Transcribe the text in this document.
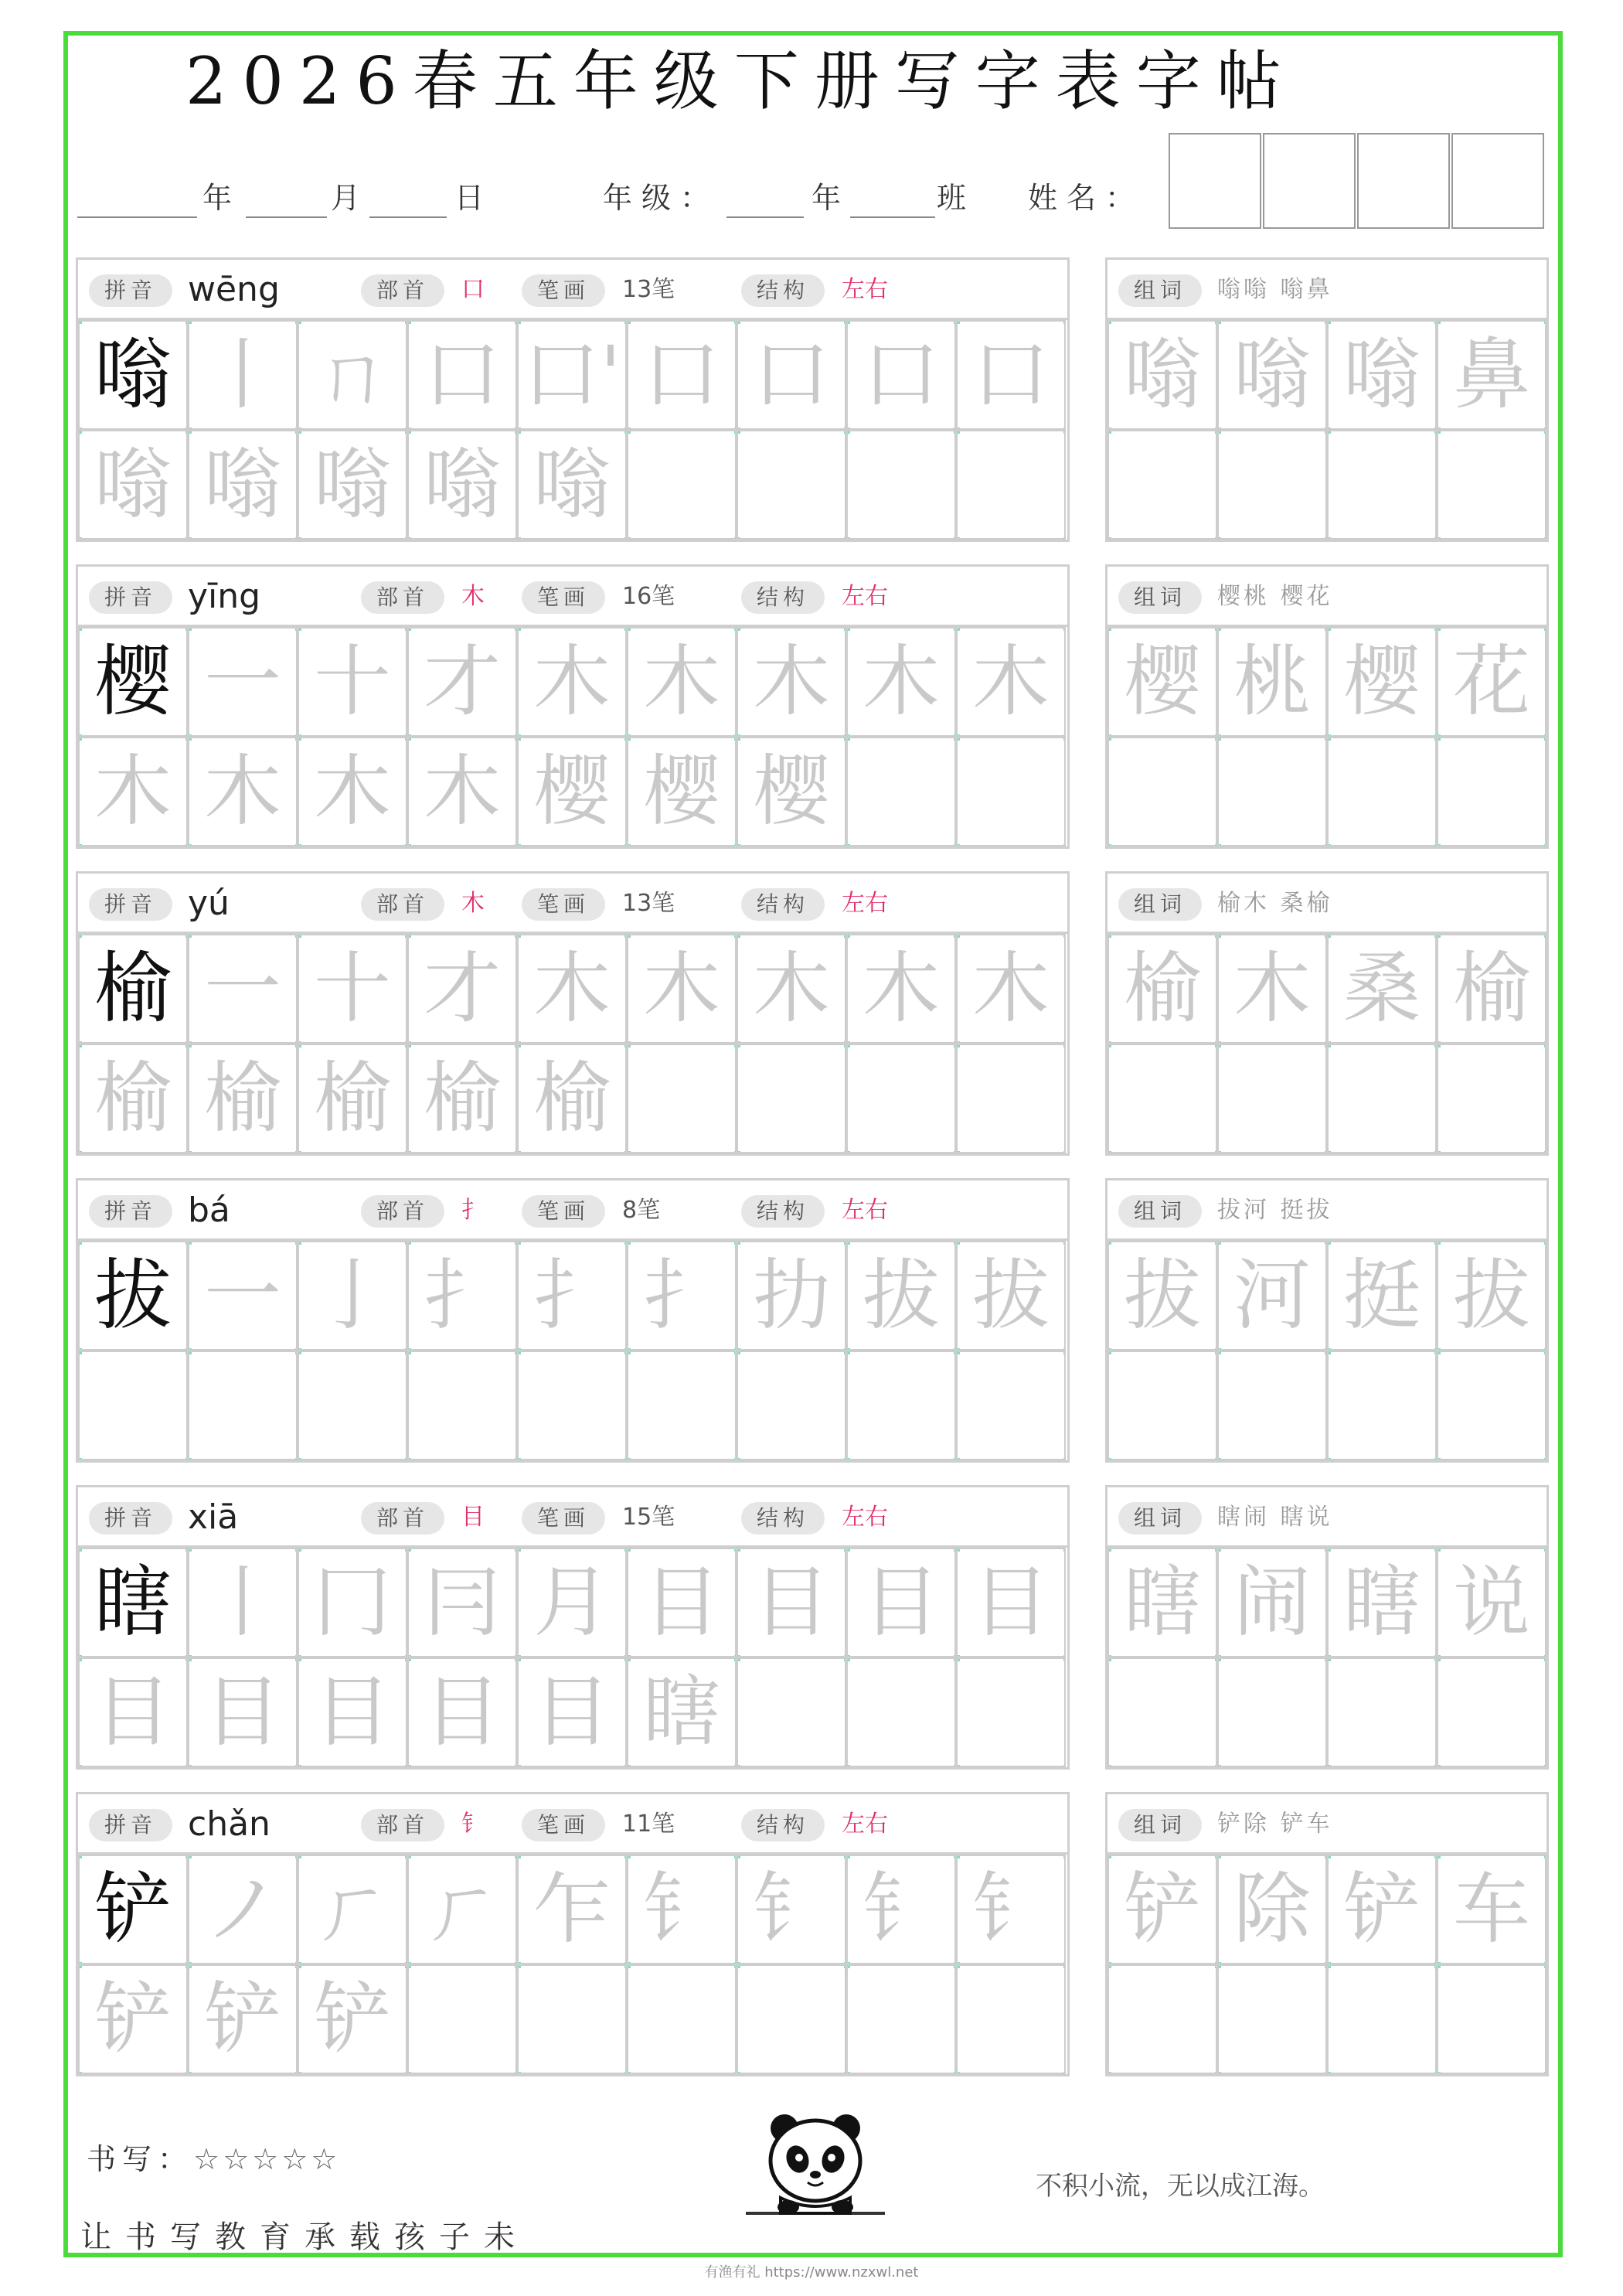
2026春五年级下册写字表字帖
年	月	日	年级：	年	班 姓名：
拼音 wēng	部首	口	笔画	13笔	结构	左右
嗡 丨 ㄇ 口 口' 口 口 口 口
嗡 嗡 嗡 嗡 嗡
组词	嗡嗡 嗡鼻
嗡 嗡 嗡 鼻
拼音 yīng	部首	木	笔画	16笔	结构	左右
樱 一 十 才 木 木 木 木 木
木 木 木 木 樱 樱 樱
组词	樱桃 樱花
樱 桃 樱 花
拼音 yú	部首	木	笔画	13笔	结构	左右
榆 一 十 才 木 木 木 木 木
榆 榆 榆 榆 榆
组词	榆木 桑榆
榆 木 桑 榆
拼音 bá	部首	扌	笔画	8笔	结构	左右
拔 一 亅 扌 扌 扌 扐 拔 拔
组词	拔河 挺拔
拔 河 挺 拔
拼音 xiā	部首	目	笔画	15笔	结构	左右
瞎 丨 冂 冃 月 目 目 目 目
目 目 目 目 目 瞎
组词	瞎闹 瞎说
瞎 闹 瞎 说
拼音 chǎn	部首	钅	笔画	11笔	结构	左右
铲 ノ ㄏ ㄏ 乍 钅 钅 钅 钅
铲 铲 铲
组词	铲除 铲车
铲 除 铲 车
书写：☆☆☆☆☆
让书写教育承载孩子未
不积小流，无以成江海。
有渔有礼 https://www.nzxwl.net
